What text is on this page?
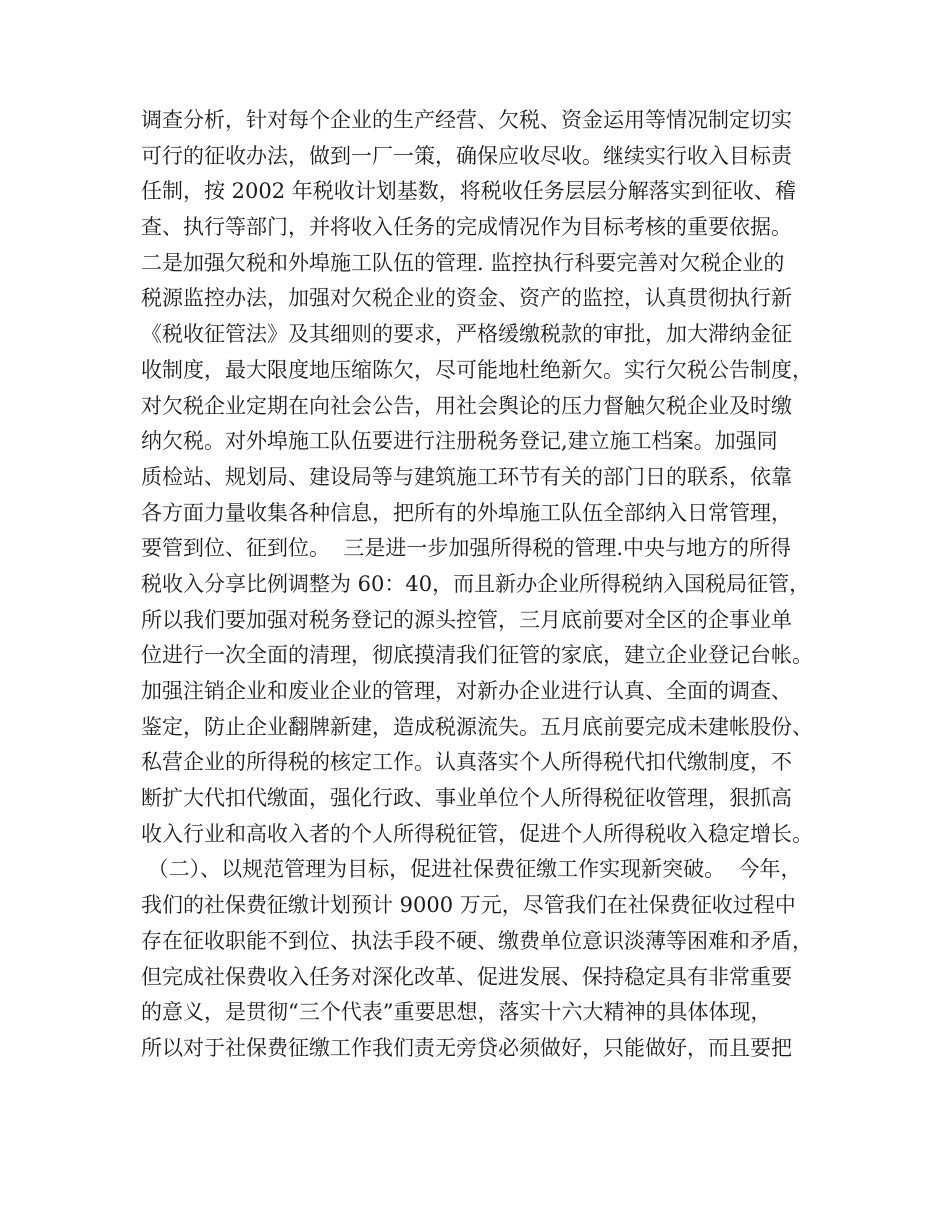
调查分析，针对每个企业的生产经营、欠税、资金运用等情况制定切实
可行的征收办法，做到一厂一策，确保应收尽收。继续实行收入目标责
任制，按 2002 年税收计划基数，将税收任务层层分解落实到征收、稽
查、执行等部门，并将收入任务的完成情况作为目标考核的重要依据。
二是加强欠税和外埠施工队伍的管理. 监控执行科要完善对欠税企业的
税源监控办法，加强对欠税企业的资金、资产的监控，认真贯彻执行新
《税收征管法》及其细则的要求，严格缓缴税款的审批，加大滞纳金征
收制度，最大限度地压缩陈欠，尽可能地杜绝新欠。实行欠税公告制度，
对欠税企业定期在向社会公告，用社会舆论的压力督触欠税企业及时缴
纳欠税。对外埠施工队伍要进行注册税务登记,建立施工档案。加强同
质检站、规划局、建设局等与建筑施工环节有关的部门日的联系，依靠
各方面力量收集各种信息，把所有的外埠施工队伍全部纳入日常管理，
要管到位、征到位。  三是进一步加强所得税的管理.中央与地方的所得
税收入分享比例调整为 60：40，而且新办企业所得税纳入国税局征管，
所以我们要加强对税务登记的源头控管，三月底前要对全区的企事业单
位进行一次全面的清理，彻底摸清我们征管的家底，建立企业登记台帐。
加强注销企业和废业企业的管理，对新办企业进行认真、全面的调查、
鉴定，防止企业翻牌新建，造成税源流失。五月底前要完成未建帐股份、
私营企业的所得税的核定工作。认真落实个人所得税代扣代缴制度，不
断扩大代扣代缴面，强化行政、事业单位个人所得税征收管理，狠抓高
收入行业和高收入者的个人所得税征管，促进个人所得税收入稳定增长。
（二）、以规范管理为目标，促进社保费征缴工作实现新突破。  今年，
我们的社保费征缴计划预计 9000 万元，尽管我们在社保费征收过程中
存在征收职能不到位、执法手段不硬、缴费单位意识淡薄等困难和矛盾，
但完成社保费收入任务对深化改革、促进发展、保持稳定具有非常重要
的意义，是贯彻“三个代表”重要思想，落实十六大精神的具体体现，
所以对于社保费征缴工作我们责无旁贷必须做好，只能做好，而且要把
